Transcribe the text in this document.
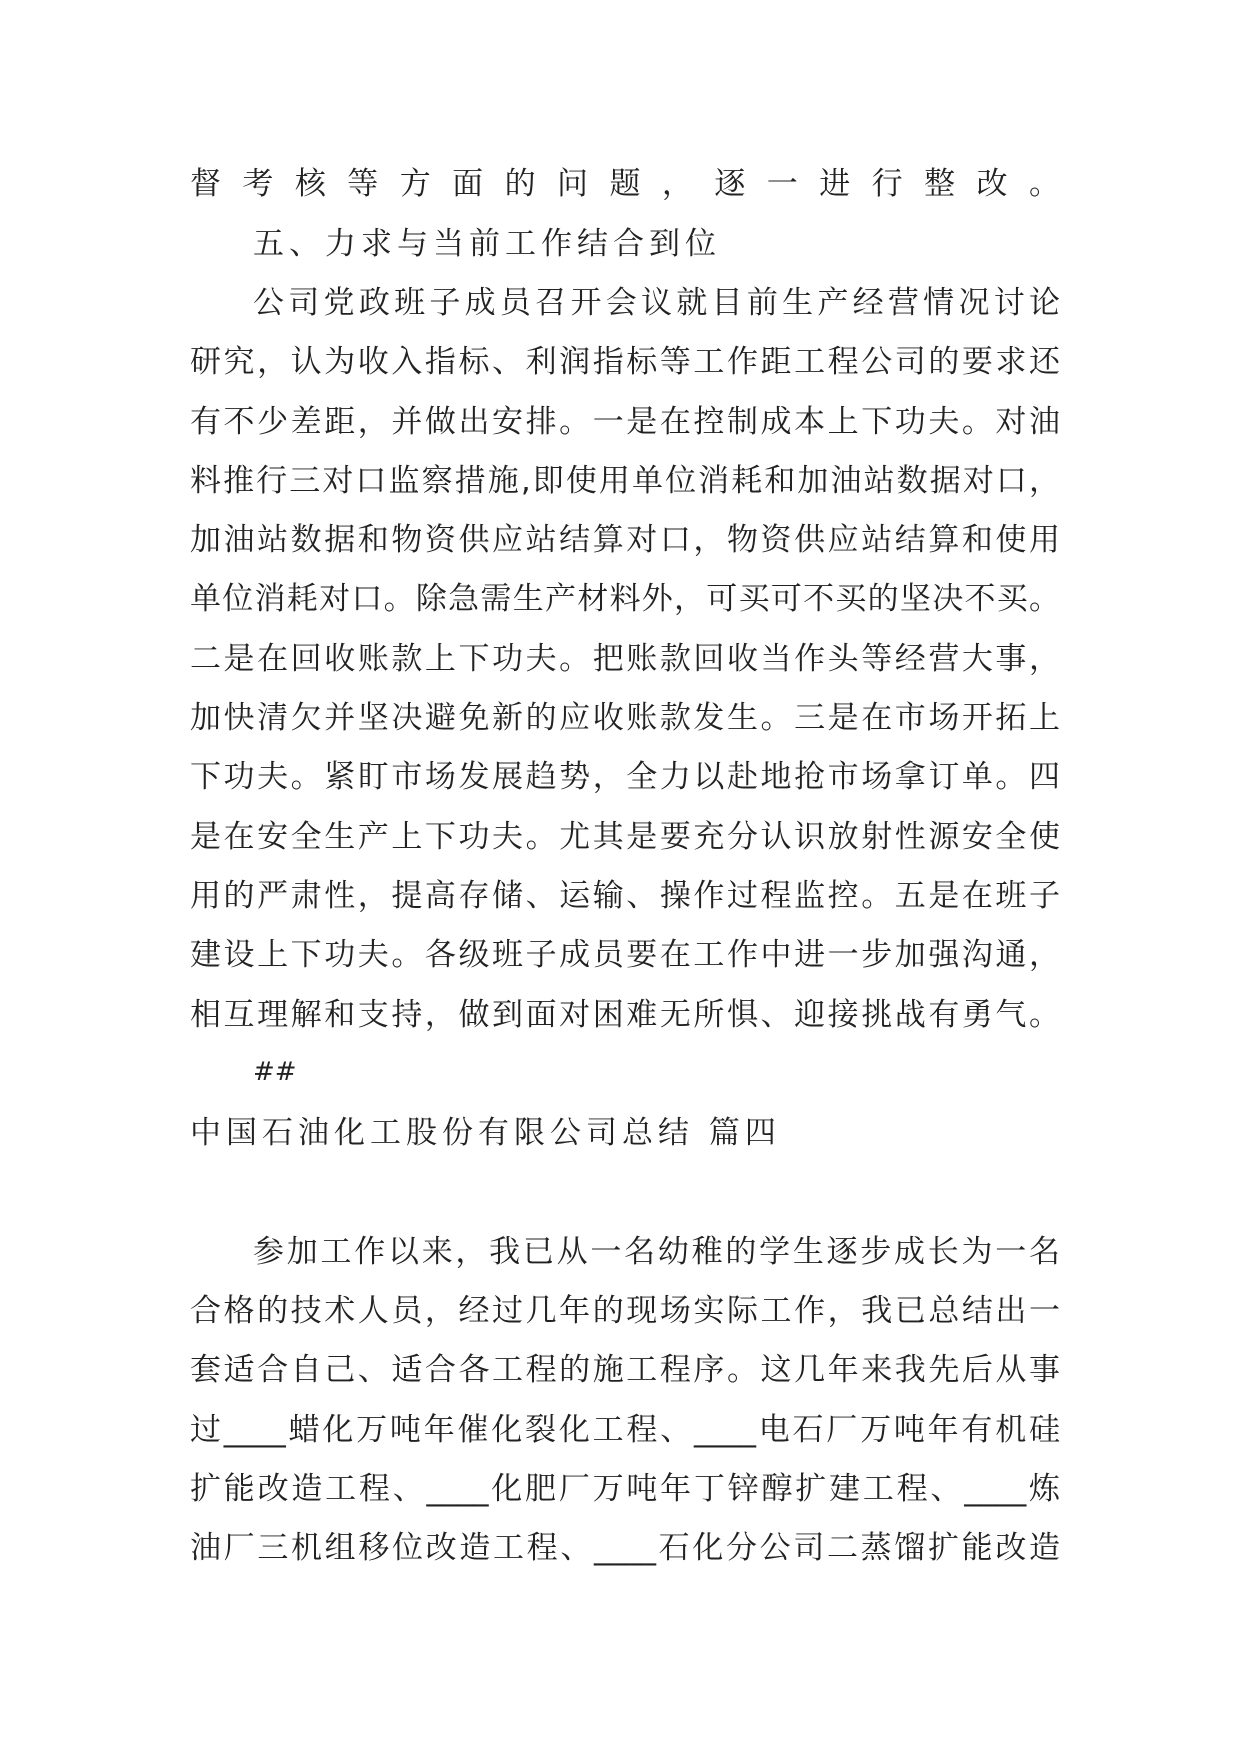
督考核等方面的问题，逐一进行整改。
五、力求与当前工作结合到位
公司党政班子成员召开会议就目前生产经营情况讨论
研究，认为收入指标、利润指标等工作距工程公司的要求还
有不少差距，并做出安排。一是在控制成本上下功夫。对油
料推行三对口监察措施,即使用单位消耗和加油站数据对口，
加油站数据和物资供应站结算对口，物资供应站结算和使用
单位消耗对口。除急需生产材料外，可买可不买的坚决不买。
二是在回收账款上下功夫。把账款回收当作头等经营大事，
加快清欠并坚决避免新的应收账款发生。三是在市场开拓上
下功夫。紧盯市场发展趋势，全力以赴地抢市场拿订单。四
是在安全生产上下功夫。尤其是要充分认识放射性源安全使
用的严肃性，提高存储、运输、操作过程监控。五是在班子
建设上下功夫。各级班子成员要在工作中进一步加强沟通，
相互理解和支持，做到面对困难无所惧、迎接挑战有勇气。
##
中国石油化工股份有限公司总结 篇四
参加工作以来，我已从一名幼稚的学生逐步成长为一名
合格的技术人员，经过几年的现场实际工作，我已总结出一
套适合自己、适合各工程的施工程序。这几年来我先后从事
过____蜡化万吨年催化裂化工程、____电石厂万吨年有机硅
扩能改造工程、____化肥厂万吨年丁锌醇扩建工程、____炼
油厂三机组移位改造工程、____石化分公司二蒸馏扩能改造
